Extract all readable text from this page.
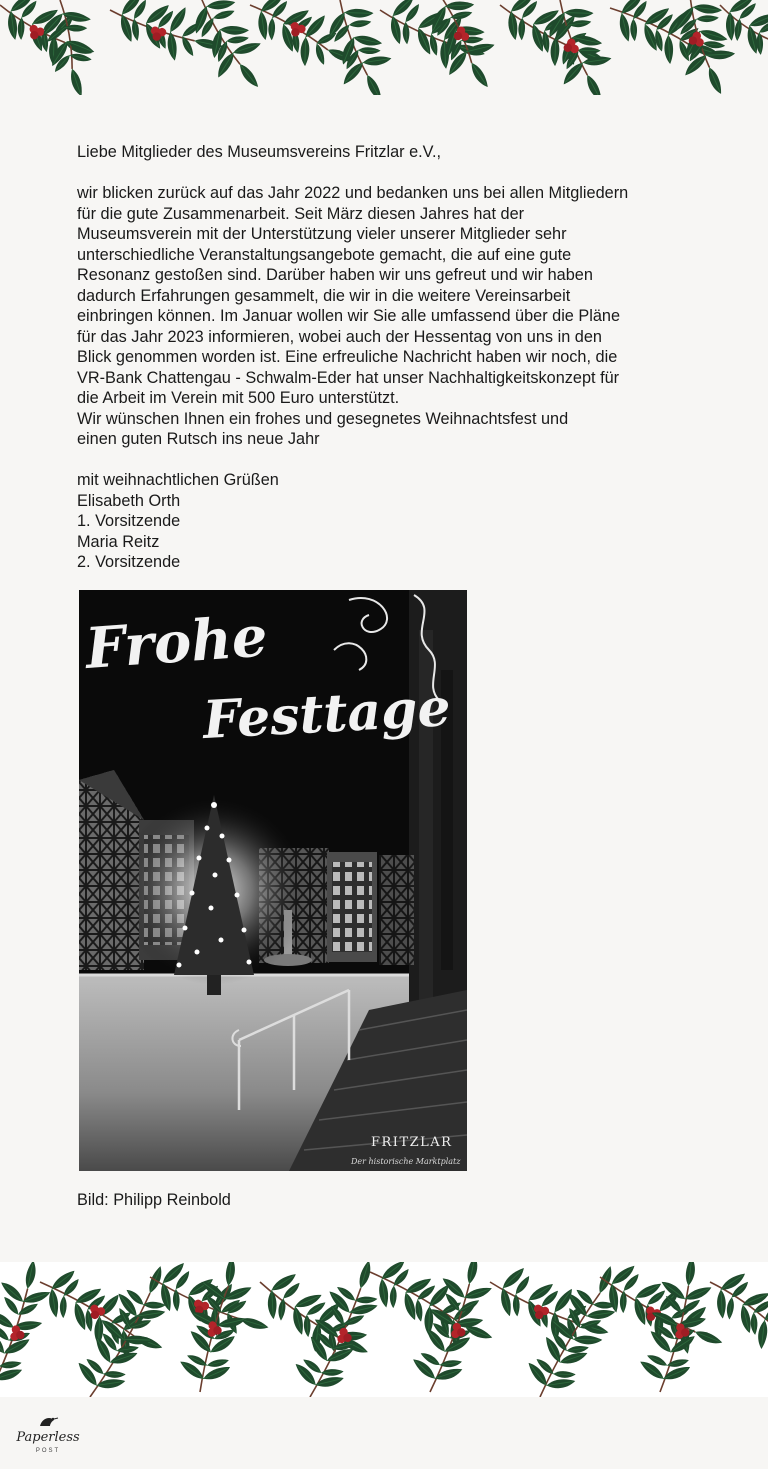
Liebe Mitglieder des Museumsvereins Fritzlar e.V.,

wir blicken zurück auf das Jahr 2022 und bedanken uns bei allen Mitgliedern

für die gute Zusammenarbeit. Seit März diesen Jahres hat der

Museumsverein mit der Unterstützung vieler unserer Mitglieder sehr

unterschiedliche Veranstaltungsangebote gemacht, die auf eine gute

Resonanz gestoßen sind. Darüber haben wir uns gefreut und wir haben

dadurch Erfahrungen gesammelt, die wir in die weitere Vereinsarbeit

einbringen können. Im Januar wollen wir Sie alle umfassend über die Pläne

für das Jahr 2023 informieren, wobei auch der Hessentag von uns in den

Blick genommen worden ist. Eine erfreuliche Nachricht haben wir noch, die

VR-Bank Chattengau - Schwalm-Eder hat unser Nachhaltigkeitskonzept für

die Arbeit im Verein mit 500 Euro unterstützt.

Wir wünschen Ihnen ein frohes und gesegnetes Weihnachtsfest und

einen guten Rutsch ins neue Jahr

mit weihnachtlichen Grüßen

Elisabeth Orth

1. Vorsitzende

Maria Reitz

2. Vorsitzende

Frohe
Festtage
FRITZLAR
Der historische Marktplatz
Bild: Philipp Reinbold
Paperless
POST
